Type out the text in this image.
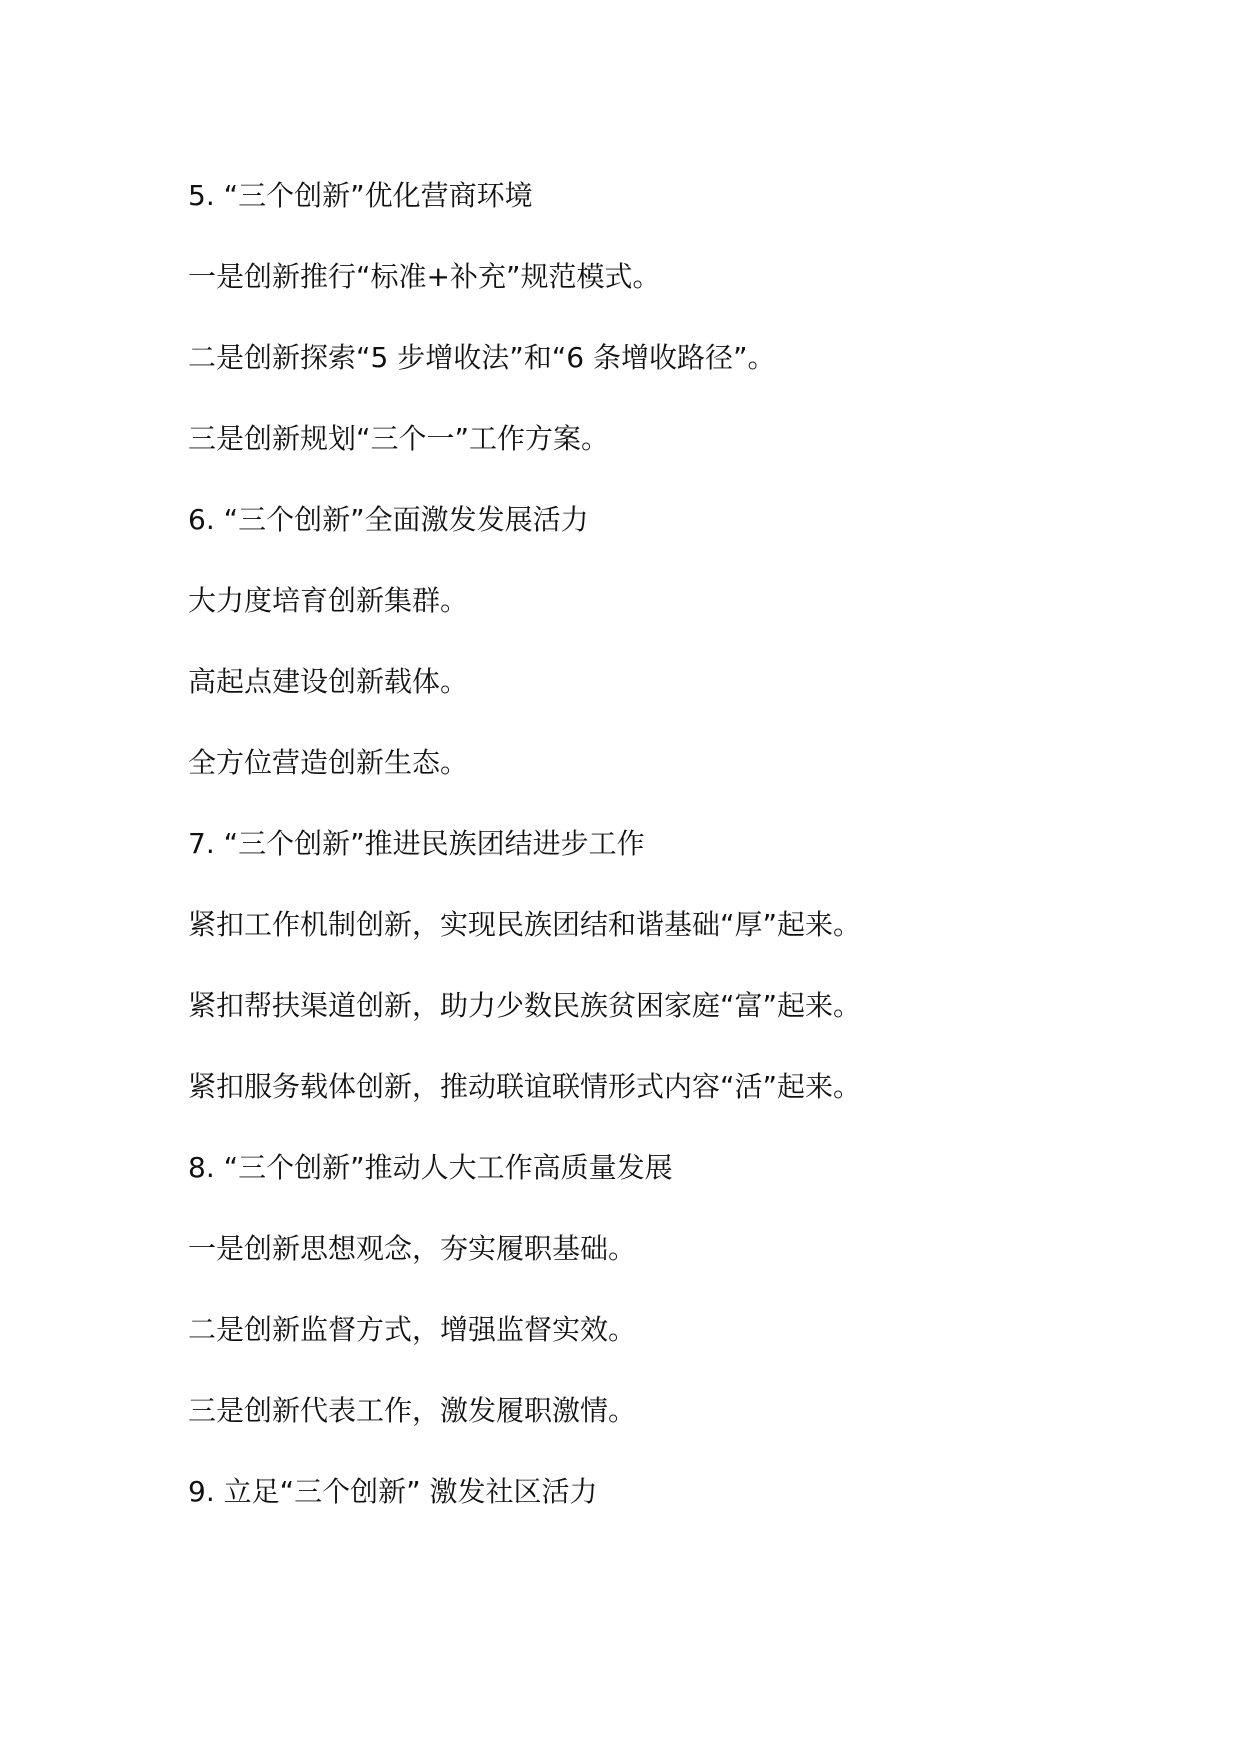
5. “三个创新”优化营商环境
一是创新推行“标准+补充”规范模式。
二是创新探索“5 步增收法”和“6 条增收路径”。
三是创新规划“三个一”工作方案。
6. “三个创新”全面激发发展活力
大力度培育创新集群。
高起点建设创新载体。
全方位营造创新生态。
7. “三个创新”推进民族团结进步工作
紧扣工作机制创新，实现民族团结和谐基础“厚”起来。
紧扣帮扶渠道创新，助力少数民族贫困家庭“富”起来。
紧扣服务载体创新，推动联谊联情形式内容“活”起来。
8. “三个创新”推动人大工作高质量发展
一是创新思想观念，夯实履职基础。
二是创新监督方式，增强监督实效。
三是创新代表工作，激发履职激情。
9. 立足“三个创新” 激发社区活力
